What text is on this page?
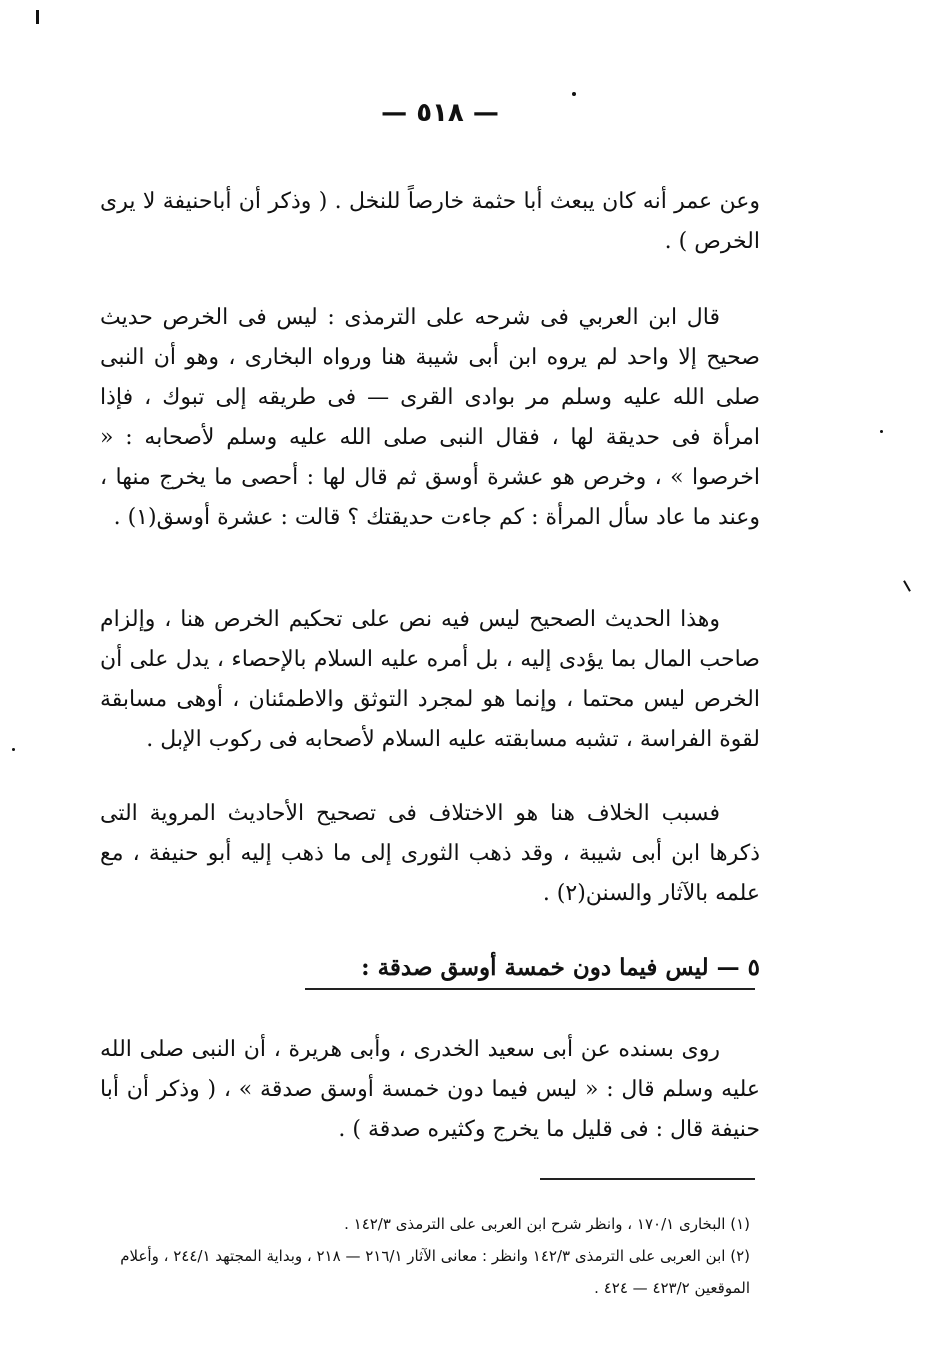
— ٥١٨ —

وعن عمر أنه كان يبعث أبا حثمة خارصاً للنخل . ( وذكر أن أباحنيفة لا يرى الخرص ) .

قال ابن العربي فى شرحه على الترمذى : ليس فى الخرص حديث صحيح إلا واحد لم يروه ابن أبى شيبة هنا ورواه البخارى ، وهو أن النبى صلى الله عليه وسلم مر بوادى القرى — فى طريقه إلى تبوك ، فإذا امرأة فى حديقة لها ، فقال النبى صلى الله عليه وسلم لأصحابه : « اخرصوا » ، وخرص هو عشرة أوسق ثم قال لها : أحصى ما يخرج منها ، وعند ما عاد سأل المرأة : كم جاءت حديقتك ؟ قالت : عشرة أوسق(١) .

وهذا الحديث الصحيح ليس فيه نص على تحكيم الخرص هنا ، وإلزام صاحب المال بما يؤدى إليه ، بل أمره عليه السلام بالإحصاء ، يدل على أن الخرص ليس محتما ، وإنما هو لمجرد التوثق والاطمئنان ، أوهى مسابقة لقوة الفراسة ، تشبه مسابقته عليه السلام لأصحابه فى ركوب الإبل .

فسبب الخلاف هنا هو الاختلاف فى تصحيح الأحاديث المروية التى ذكرها ابن أبى شيبة ، وقد ذهب الثورى إلى ما ذهب إليه أبو حنيفة ، مع علمه بالآثار والسنن(٢) .

٥ — ليس فيما دون خمسة أوسق صدقة :

روى بسنده عن أبى سعيد الخدرى ، وأبى هريرة ، أن النبى صلى الله عليه وسلم قال : « ليس فيما دون خمسة أوسق صدقة » ، ( وذكر أن أبا حنيفة قال : فى قليل ما يخرج وكثيره صدقة ) .

(١) البخارى ١٧٠/١ ، وانظر شرح ابن العربى على الترمذى ١٤٢/٣ .

(٢) ابن العربى على الترمذى ١٤٢/٣ وانظر : معانى الآثار ٢١٦/١ — ٢١٨ ، وبداية المجتهد ٢٤٤/١ ، وأعلام الموقعين ٤٢٣/٢ — ٤٢٤ .
